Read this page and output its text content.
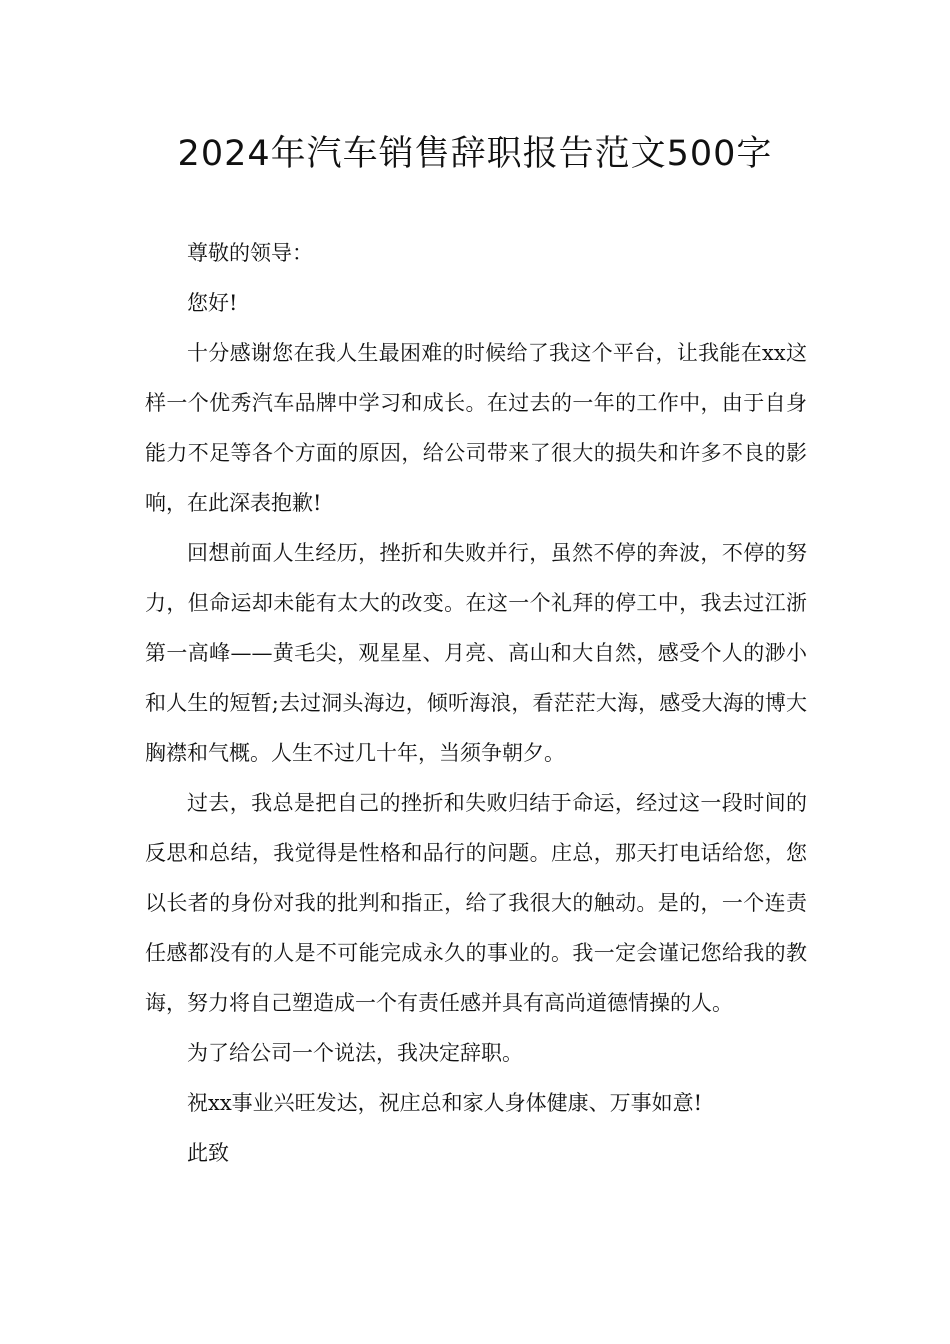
2024年汽车销售辞职报告范文500字

尊敬的领导：

您好!

十分感谢您在我人生最困难的时候给了我这个平台，让我能在xx这样一个优秀汽车品牌中学习和成长。在过去的一年的工作中，由于自身能力不足等各个方面的原因，给公司带来了很大的损失和许多不良的影响，在此深表抱歉!

回想前面人生经历，挫折和失败并行，虽然不停的奔波，不停的努力，但命运却未能有太大的改变。在这一个礼拜的停工中，我去过江浙第一高峰——黄毛尖，观星星、月亮、高山和大自然，感受个人的渺小和人生的短暂;去过洞头海边，倾听海浪，看茫茫大海，感受大海的博大胸襟和气概。人生不过几十年，当须争朝夕。

过去，我总是把自己的挫折和失败归结于命运，经过这一段时间的反思和总结，我觉得是性格和品行的问题。庄总，那天打电话给您，您以长者的身份对我的批判和指正，给了我很大的触动。是的，一个连责任感都没有的人是不可能完成永久的事业的。我一定会谨记您给我的教诲，努力将自己塑造成一个有责任感并具有高尚道德情操的人。

为了给公司一个说法，我决定辞职。

祝xx事业兴旺发达，祝庄总和家人身体健康、万事如意!

此致
